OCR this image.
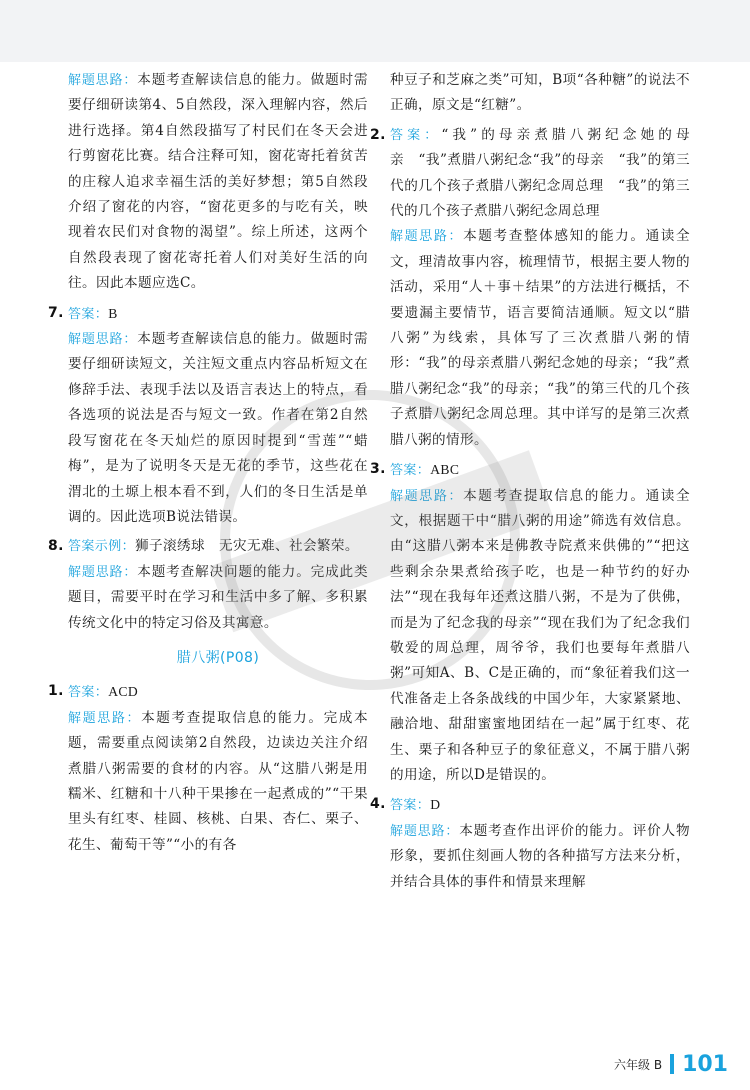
解题思路：本题考查解读信息的能力。做题时需要仔细研读第4、5自然段，深入理解内容，然后进行选择。第4自然段描写了村民们在冬天会进行剪窗花比赛。结合注释可知，窗花寄托着贫苦的庄稼人追求幸福生活的美好梦想；第5自然段介绍了窗花的内容，“窗花更多的与吃有关，映现着农民们对食物的渴望”。综上所述，这两个自然段表现了窗花寄托着人们对美好生活的向往。因此本题应选C。
7. 答案：B
解题思路：本题考查解读信息的能力。做题时需要仔细研读短文，关注短文重点内容品析短文在修辞手法、表现手法以及语言表达上的特点，看各选项的说法是否与短文一致。作者在第2自然段写窗花在冬天灿烂的原因时提到“雪莲”“蜡梅”，是为了说明冬天是无花的季节，这些花在渭北的土塬上根本看不到，人们的冬日生活是单调的。因此选项B说法错误。
8. 答案示例：狮子滚绣球　无灾无难、社会繁荣。
解题思路：本题考查解决问题的能力。完成此类题目，需要平时在学习和生活中多了解、多积累传统文化中的特定习俗及其寓意。
腊八粥(P08)
1. 答案：ACD
解题思路：本题考查提取信息的能力。完成本题，需要重点阅读第2自然段，边读边关注介绍煮腊八粥需要的食材的内容。从“这腊八粥是用糯米、红糖和十八种干果掺在一起煮成的”“干果里头有红枣、桂圆、核桃、白果、杏仁、栗子、花生、葡萄干等”“小的有各
种豆子和芝麻之类”可知，B项“各种糖”的说法不正确，原文是“红糖”。
2. 答案：“我”的母亲煮腊八粥纪念她的母亲　“我”煮腊八粥纪念“我”的母亲　“我”的第三代的几个孩子煮腊八粥纪念周总理　“我”的第三代的几个孩子煮腊八粥纪念周总理
解题思路：本题考查整体感知的能力。通读全文，理清故事内容，梳理情节，根据主要人物的活动，采用“人＋事＋结果”的方法进行概括，不要遗漏主要情节，语言要简洁通顺。短文以“腊八粥”为线索，具体写了三次煮腊八粥的情形：“我”的母亲煮腊八粥纪念她的母亲；“我”煮腊八粥纪念“我”的母亲；“我”的第三代的几个孩子煮腊八粥纪念周总理。其中详写的是第三次煮腊八粥的情形。
3. 答案：ABC
解题思路：本题考查提取信息的能力。通读全文，根据题干中“腊八粥的用途”筛选有效信息。由“这腊八粥本来是佛教寺院煮来供佛的”“把这些剩余杂果煮给孩子吃，也是一种节约的好办法”“现在我每年还煮这腊八粥，不是为了供佛，而是为了纪念我的母亲”“现在我们为了纪念我们敬爱的周总理，周爷爷，我们也要每年煮腊八粥”可知A、B、C是正确的，而“象征着我们这一代准备走上各条战线的中国少年，大家紧紧地、融洽地、甜甜蜜蜜地团结在一起”属于红枣、花生、栗子和各种豆子的象征意义，不属于腊八粥的用途，所以D是错误的。
4. 答案：D
解题思路：本题考查作出评价的能力。评价人物形象，要抓住刻画人物的各种描写方法来分析，并结合具体的事件和情景来理解
六年级 B 101
